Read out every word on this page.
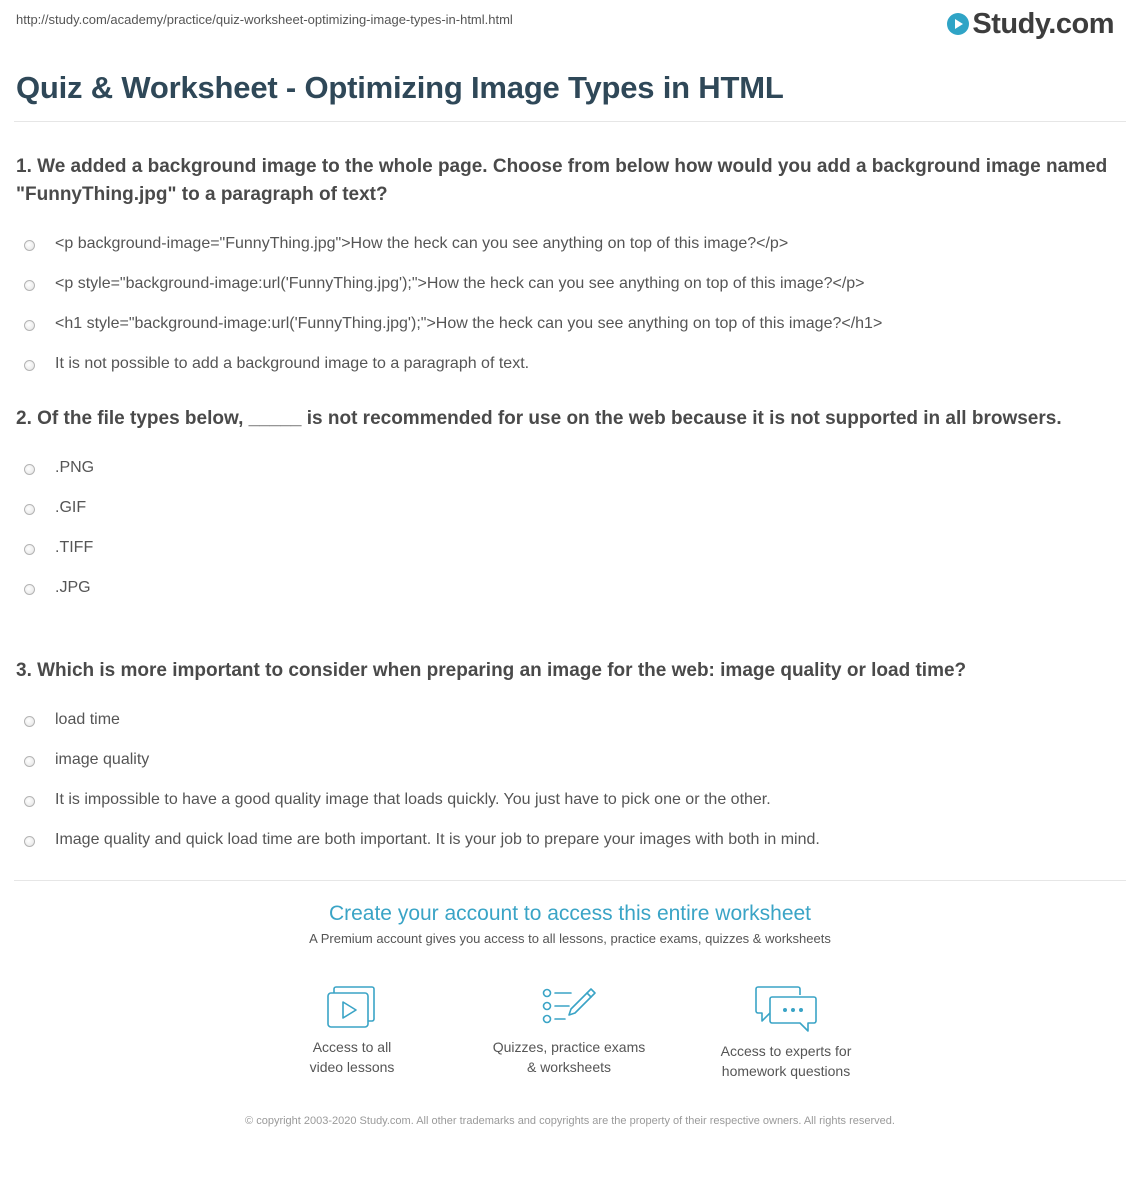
http://study.com/academy/practice/quiz-worksheet-optimizing-image-types-in-html.html	Study.com
Quiz & Worksheet - Optimizing Image Types in HTML
1. We added a background image to the whole page. Choose from below how would you add a background image named "FunnyThing.jpg" to a paragraph of text?
<p background-image="FunnyThing.jpg">How the heck can you see anything on top of this image?</p>
<p style="background-image:url('FunnyThing.jpg');">How the heck can you see anything on top of this image?</p>
<h1 style="background-image:url('FunnyThing.jpg');">How the heck can you see anything on top of this image?</h1>
It is not possible to add a background image to a paragraph of text.
2. Of the file types below, _____ is not recommended for use on the web because it is not supported in all browsers.
.PNG
.GIF
.TIFF
.JPG
3. Which is more important to consider when preparing an image for the web: image quality or load time?
load time
image quality
It is impossible to have a good quality image that loads quickly. You just have to pick one or the other.
Image quality and quick load time are both important. It is your job to prepare your images with both in mind.
Create your account to access this entire worksheet
A Premium account gives you access to all lessons, practice exams, quizzes & worksheets
Access to all
video lessons
Quizzes, practice exams
& worksheets
Access to experts for
homework questions
© copyright 2003-2020 Study.com. All other trademarks and copyrights are the property of their respective owners. All rights reserved.
